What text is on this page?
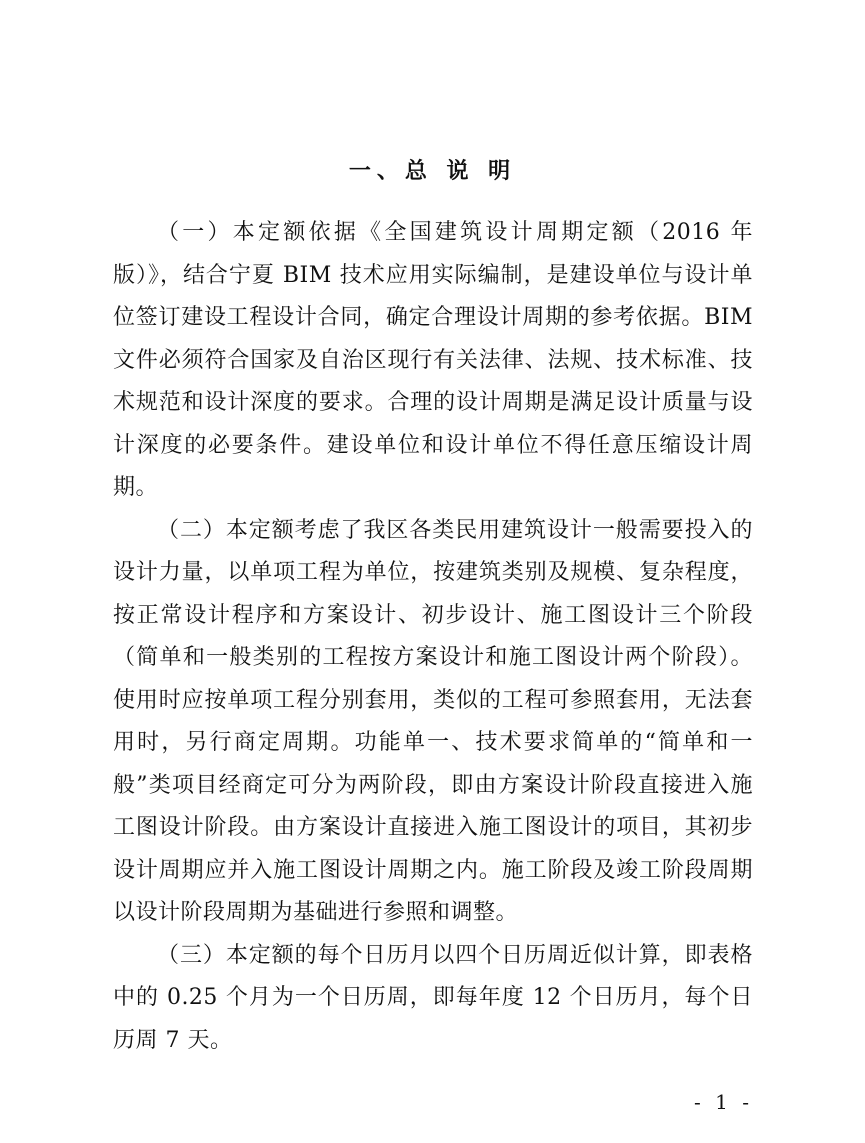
一、总 说 明

（一）本定额依据《全国建筑设计周期定额（2016 年版）》，结合宁夏 BIM 技术应用实际编制，是建设单位与设计单位签订建设工程设计合同，确定合理设计周期的参考依据。BIM 文件必须符合国家及自治区现行有关法律、法规、技术标准、技术规范和设计深度的要求。合理的设计周期是满足设计质量与设计深度的必要条件。建设单位和设计单位不得任意压缩设计周期。

（二）本定额考虑了我区各类民用建筑设计一般需要投入的设计力量，以单项工程为单位，按建筑类别及规模、复杂程度，按正常设计程序和方案设计、初步设计、施工图设计三个阶段（简单和一般类别的工程按方案设计和施工图设计两个阶段）。使用时应按单项工程分别套用，类似的工程可参照套用，无法套用时，另行商定周期。功能单一、技术要求简单的“简单和一般”类项目经商定可分为两阶段，即由方案设计阶段直接进入施工图设计阶段。由方案设计直接进入施工图设计的项目，其初步设计周期应并入施工图设计周期之内。施工阶段及竣工阶段周期以设计阶段周期为基础进行参照和调整。

（三）本定额的每个日历月以四个日历周近似计算，即表格中的 0.25 个月为一个日历周，即每年度 12 个日历月，每个日历周 7 天。

- 1 -
